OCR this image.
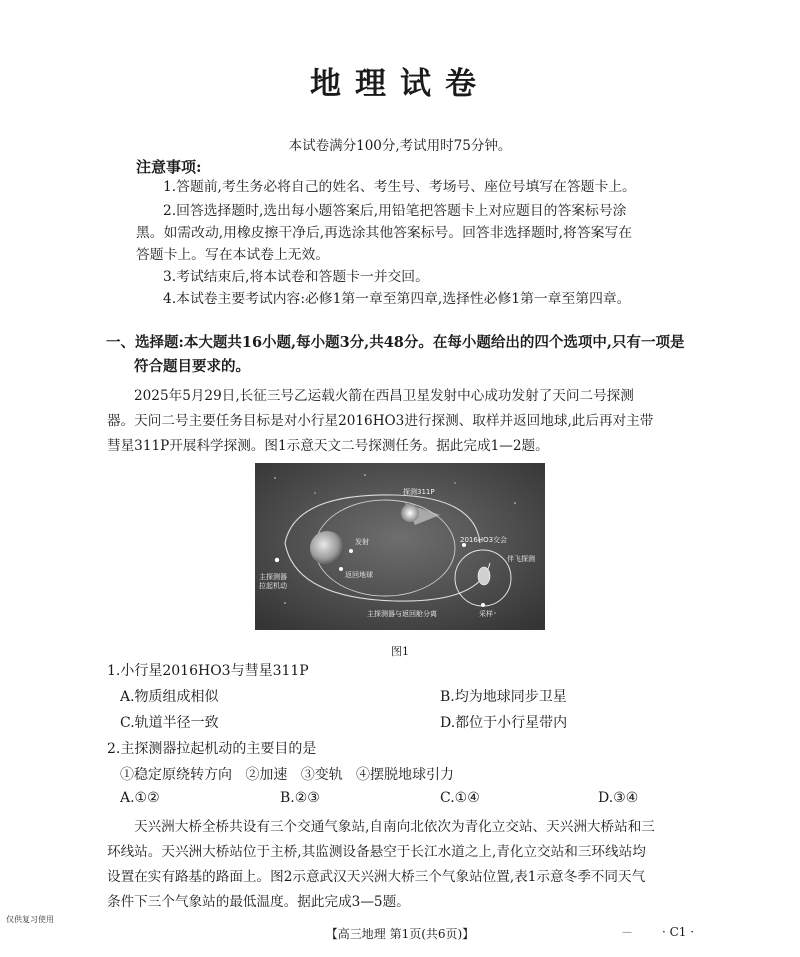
地理试卷
本试卷满分100分,考试用时75分钟。
注意事项:
1.答题前,考生务必将自己的姓名、考生号、考场号、座位号填写在答题卡上。
2.回答选择题时,选出每小题答案后,用铅笔把答题卡上对应题目的答案标号涂
黑。如需改动,用橡皮擦干净后,再选涂其他答案标号。回答非选择题时,将答案写在
答题卡上。写在本试卷上无效。
3.考试结束后,将本试卷和答题卡一并交回。
4.本试卷主要考试内容:必修1第一章至第四章,选择性必修1第一章至第四章。
一、选择题:本大题共16小题,每小题3分,共48分。在每小题给出的四个选项中,只有一项是
符合题目要求的。
2025年5月29日,长征三号乙运载火箭在西昌卫星发射中心成功发射了天问二号探测
器。天问二号主要任务目标是对小行星2016HO3进行探测、取样并返回地球,此后再对主带
彗星311P开展科学探测。图1示意天文二号探测任务。据此完成1—2题。
探测311P
发射	2016HO3交会
伴飞探测
主探测器
拉起机动
返回地球
主探测器与返回舱分离	采样
图1
1.小行星2016HO3与彗星311P
A.物质组成相似	B.均为地球同步卫星
C.轨道半径一致	D.都位于小行星带内
2.主探测器拉起机动的主要目的是
①稳定原绕转方向   ②加速   ③变轨   ④摆脱地球引力
A.①②	B.②③	C.①④	D.③④
天兴洲大桥全桥共设有三个交通气象站,自南向北依次为青化立交站、天兴洲大桥站和三
环线站。天兴洲大桥站位于主桥,其监测设备悬空于长江水道之上,青化立交站和三环线站均
设置在实有路基的路面上。图2示意武汉天兴洲大桥三个气象站位置,表1示意冬季不同天气
条件下三个气象站的最低温度。据此完成3—5题。
仅供复习使用
【高三地理 第1页(共6页)】	—	· C1 ·
